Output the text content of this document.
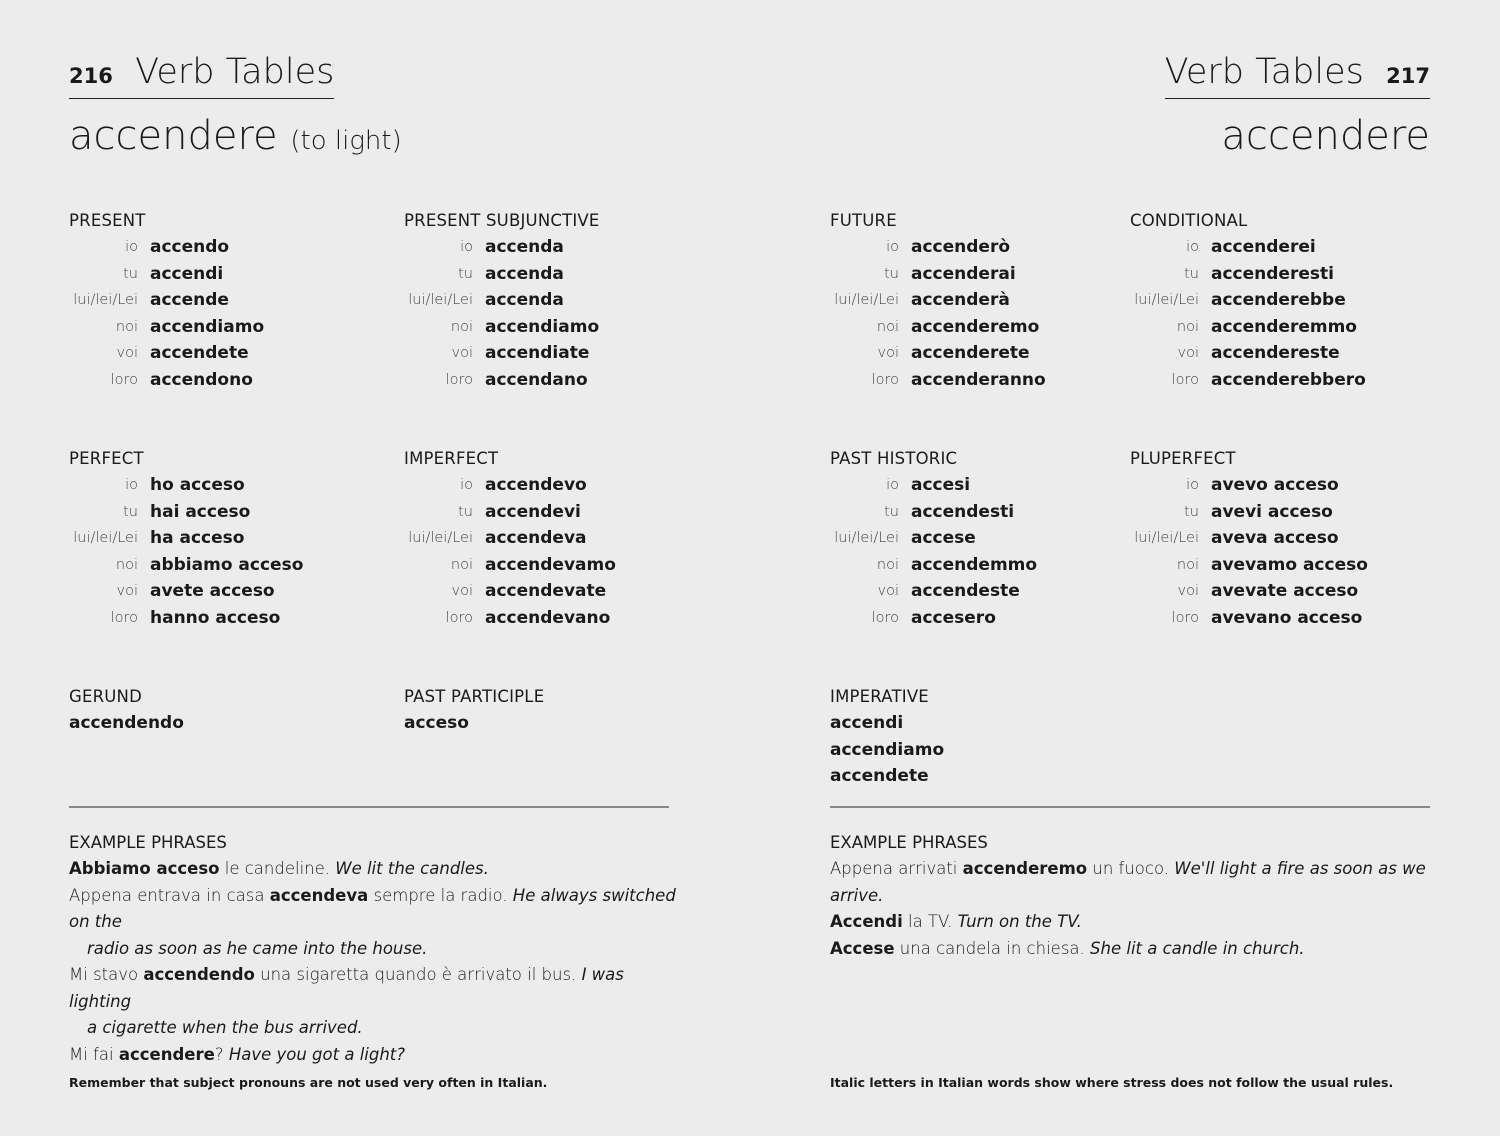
216 Verb Tables	Verb Tables 217
accendere (to light)	accendere
PRESENT
io accendo
tu accendi
lui/lei/Lei accende
noi accendiamo
voi accendete
loro accendono
PRESENT SUBJUNCTIVE
io accenda
tu accenda
lui/lei/Lei accenda
noi accendiamo
voi accendiate
loro accendano
PERFECT
io ho acceso
tu hai acceso
lui/lei/Lei ha acceso
noi abbiamo acceso
voi avete acceso
loro hanno acceso
IMPERFECT
io accendevo
tu accendevi
lui/lei/Lei accendeva
noi accendevamo
voi accendevate
loro accendevano
FUTURE
io accenderò
tu accenderai
lui/lei/Lei accenderà
noi accenderemo
voi accenderete
loro accenderanno
CONDITIONAL
io accenderei
tu accenderesti
lui/lei/Lei accenderebbe
noi accenderemmo
voi accendereste
loro accenderebbero
PAST HISTORIC
io accesi
tu accendesti
lui/lei/Lei accese
noi accendemmo
voi accendeste
loro accesero
PLUPERFECT
io avevo acceso
tu avevi acceso
lui/lei/Lei aveva acceso
noi avevamo acceso
voi avevate acceso
loro avevano acceso
GERUND
accendendo
PAST PARTICIPLE
acceso
IMPERATIVE
accendi
accendiamo
accendete
EXAMPLE PHRASES
Abbiamo acceso le candeline. We lit the candles.
Appena entrava in casa accendeva sempre la radio. He always switched on the
radio as soon as he came into the house.
Mi stavo accendendo una sigaretta quando è arrivato il bus. I was lighting
a cigarette when the bus arrived.
Mi fai accendere? Have you got a light?
EXAMPLE PHRASES
Appena arrivati accenderemo un fuoco. We'll light a fire as soon as we arrive.
Accendi la TV. Turn on the TV.
Accese una candela in chiesa. She lit a candle in church.
Remember that subject pronouns are not used very often in Italian.	Italic letters in Italian words show where stress does not follow the usual rules.
